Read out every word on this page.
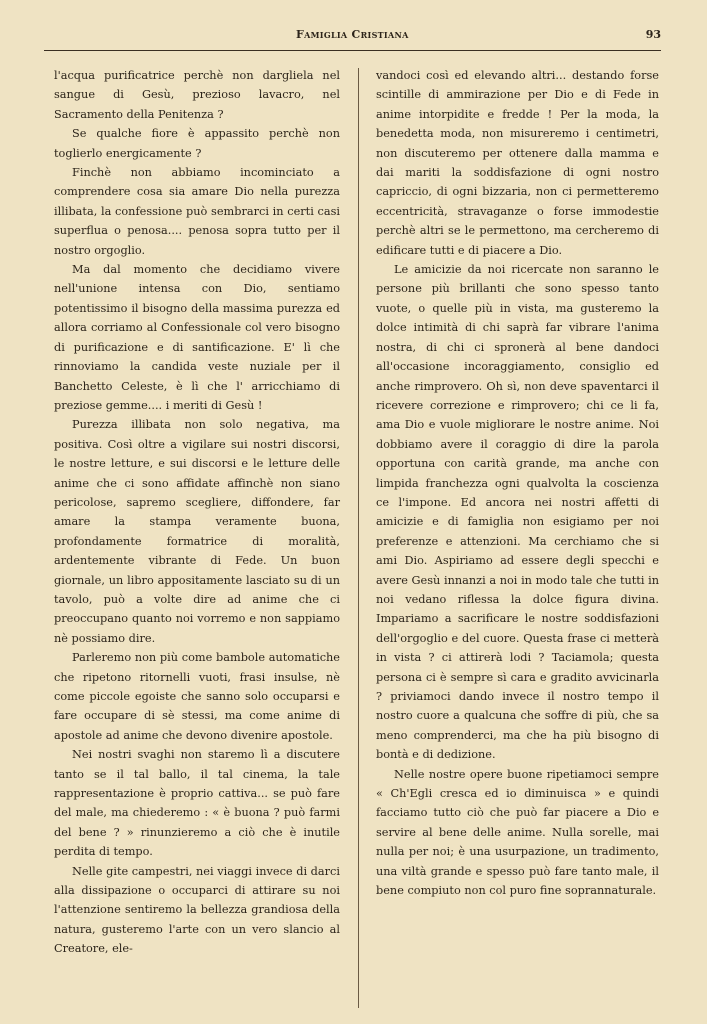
Famiglia Cristiana	93

l'acqua purificatrice perchè non dargliela nel sangue di Gesù, prezioso lavacro, nel Sacramento della Penitenza ?

Se qualche fiore è appassito perchè non toglierlo energicamente ?

Finchè non abbiamo incominciato a comprendere cosa sia amare Dio nella purezza illibata, la confessione può sembrarci in certi casi superflua o penosa.... penosa sopra tutto per il nostro orgoglio.

Ma dal momento che decidiamo vivere nell'unione intensa con Dio, sentiamo potentissimo il bisogno della massima purezza ed allora corriamo al Confessionale col vero bisogno di purificazione e di santificazione. E' lì che rinnoviamo la candida veste nuziale per il Banchetto Celeste, è lì che l' arricchiamo di preziose gemme.... i meriti di Gesù !

Purezza illibata non solo negativa, ma positiva. Così oltre a vigilare sui nostri discorsi, le nostre letture, e sui discorsi e le letture delle anime che ci sono affidate affinchè non siano pericolose, sapremo scegliere, diffondere, far amare la stampa veramente buona, profondamente formatrice di moralità, ardentemente vibrante di Fede. Un buon giornale, un libro appositamente lasciato su di un tavolo, può a volte dire ad anime che ci preoccupano quanto noi vorremo e non sappiamo nè possiamo dire.

Parleremo non più come bambole automatiche che ripetono ritornelli vuoti, frasi insulse, nè come piccole egoiste che sanno solo occuparsi e fare occupare di sè stessi, ma come anime di apostole ad anime che devono divenire apostole.

Nei nostri svaghi non staremo lì a discutere tanto se il tal ballo, il tal cinema, la tale rappresentazione è proprio cattiva... se può fare del male, ma chiederemo : « è buona ? può farmi del bene ? » rinunzieremo a ciò che è inutile perdita di tempo.

Nelle gite campestri, nei viaggi invece di darci alla dissipazione o occuparci di attirare su noi l'attenzione sentiremo la bellezza grandiosa della natura, gusteremo l'arte con un vero slancio al Creatore, ele-

vandoci così ed elevando altri... destando forse scintille di ammirazione per Dio e di Fede in anime intorpidite e fredde ! Per la moda, la benedetta moda, non misureremo i centimetri, non discuteremo per ottenere dalla mamma e dai mariti la soddisfazione di ogni nostro capriccio, di ogni bizzaria, non ci permetteremo eccentricità, stravaganze o forse immodestie perchè altri se le permettono, ma cercheremo di edificare tutti e di piacere a Dio.

Le amicizie da noi ricercate non saranno le persone più brillanti che sono spesso tanto vuote, o quelle più in vista, ma gusteremo la dolce intimità di chi saprà far vibrare l'anima nostra, di chi ci spronerà al bene dandoci all'occasione incoraggiamento, consiglio ed anche rimprovero. Oh sì, non deve spaventarci il ricevere correzione e rimprovero; chi ce li fa, ama Dio e vuole migliorare le nostre anime. Noi dobbiamo avere il coraggio di dire la parola opportuna con carità grande, ma anche con limpida franchezza ogni qualvolta la coscienza ce l'impone. Ed ancora nei nostri affetti di amicizie e di famiglia non esigiamo per noi preferenze e attenzioni. Ma cerchiamo che si ami Dio. Aspiriamo ad essere degli specchi e avere Gesù innanzi a noi in modo tale che tutti in noi vedano riflessa la dolce figura divina. Impariamo a sacrificare le nostre soddisfazioni dell'orgoglio e del cuore. Questa frase ci metterà in vista ? ci attirerà lodi ? Taciamola; questa persona ci è sempre sì cara e gradito avvicinarla ? priviamoci dando invece il nostro tempo il nostro cuore a qualcuna che soffre di più, che sa meno comprenderci, ma che ha più bisogno di bontà e di dedizione.

Nelle nostre opere buone ripetiamoci sempre « Ch'Egli cresca ed io diminuisca » e quindi facciamo tutto ciò che può far piacere a Dio e servire al bene delle anime. Nulla sorelle, mai nulla per noi; è una usurpazione, un tradimento, una viltà grande e spesso può fare tanto male, il bene compiuto non col puro fine soprannaturale.
